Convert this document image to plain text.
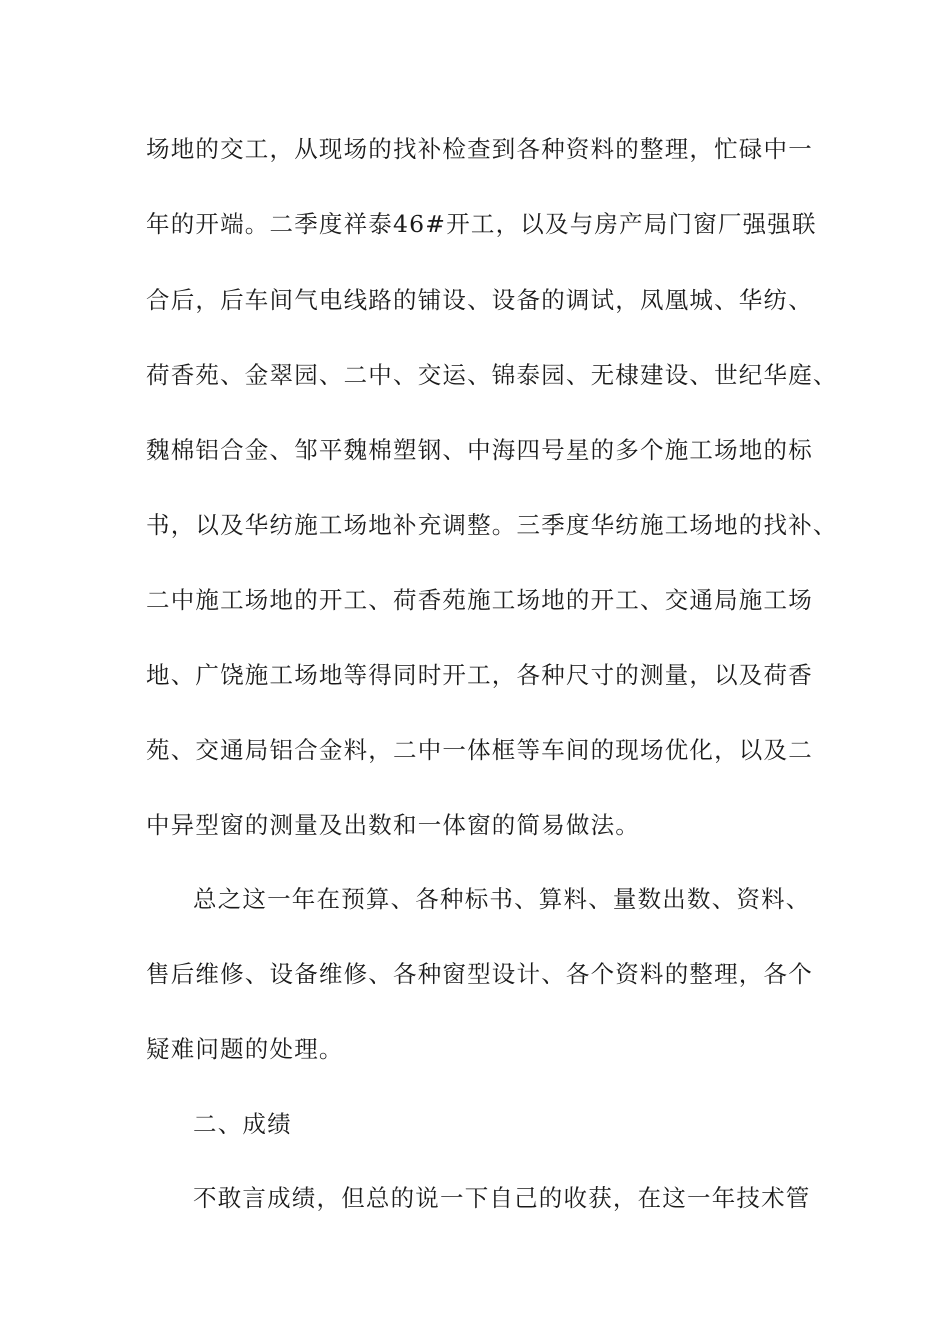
场地的交工，从现场的找补检查到各种资料的整理，忙碌中一
年的开端。二季度祥泰46#开工，以及与房产局门窗厂强强联
合后，后车间气电线路的铺设、设备的调试，凤凰城、华纺、
荷香苑、金翠园、二中、交运、锦泰园、无棣建设、世纪华庭、
魏棉铝合金、邹平魏棉塑钢、中海四号星的多个施工场地的标
书，以及华纺施工场地补充调整。三季度华纺施工场地的找补、
二中施工场地的开工、荷香苑施工场地的开工、交通局施工场
地、广饶施工场地等得同时开工，各种尺寸的测量，以及荷香
苑、交通局铝合金料，二中一体框等车间的现场优化，以及二
中异型窗的测量及出数和一体窗的简易做法。
总之这一年在预算、各种标书、算料、量数出数、资料、
售后维修、设备维修、各种窗型设计、各个资料的整理，各个
疑难问题的处理。
二、成绩
不敢言成绩，但总的说一下自己的收获，在这一年技术管
